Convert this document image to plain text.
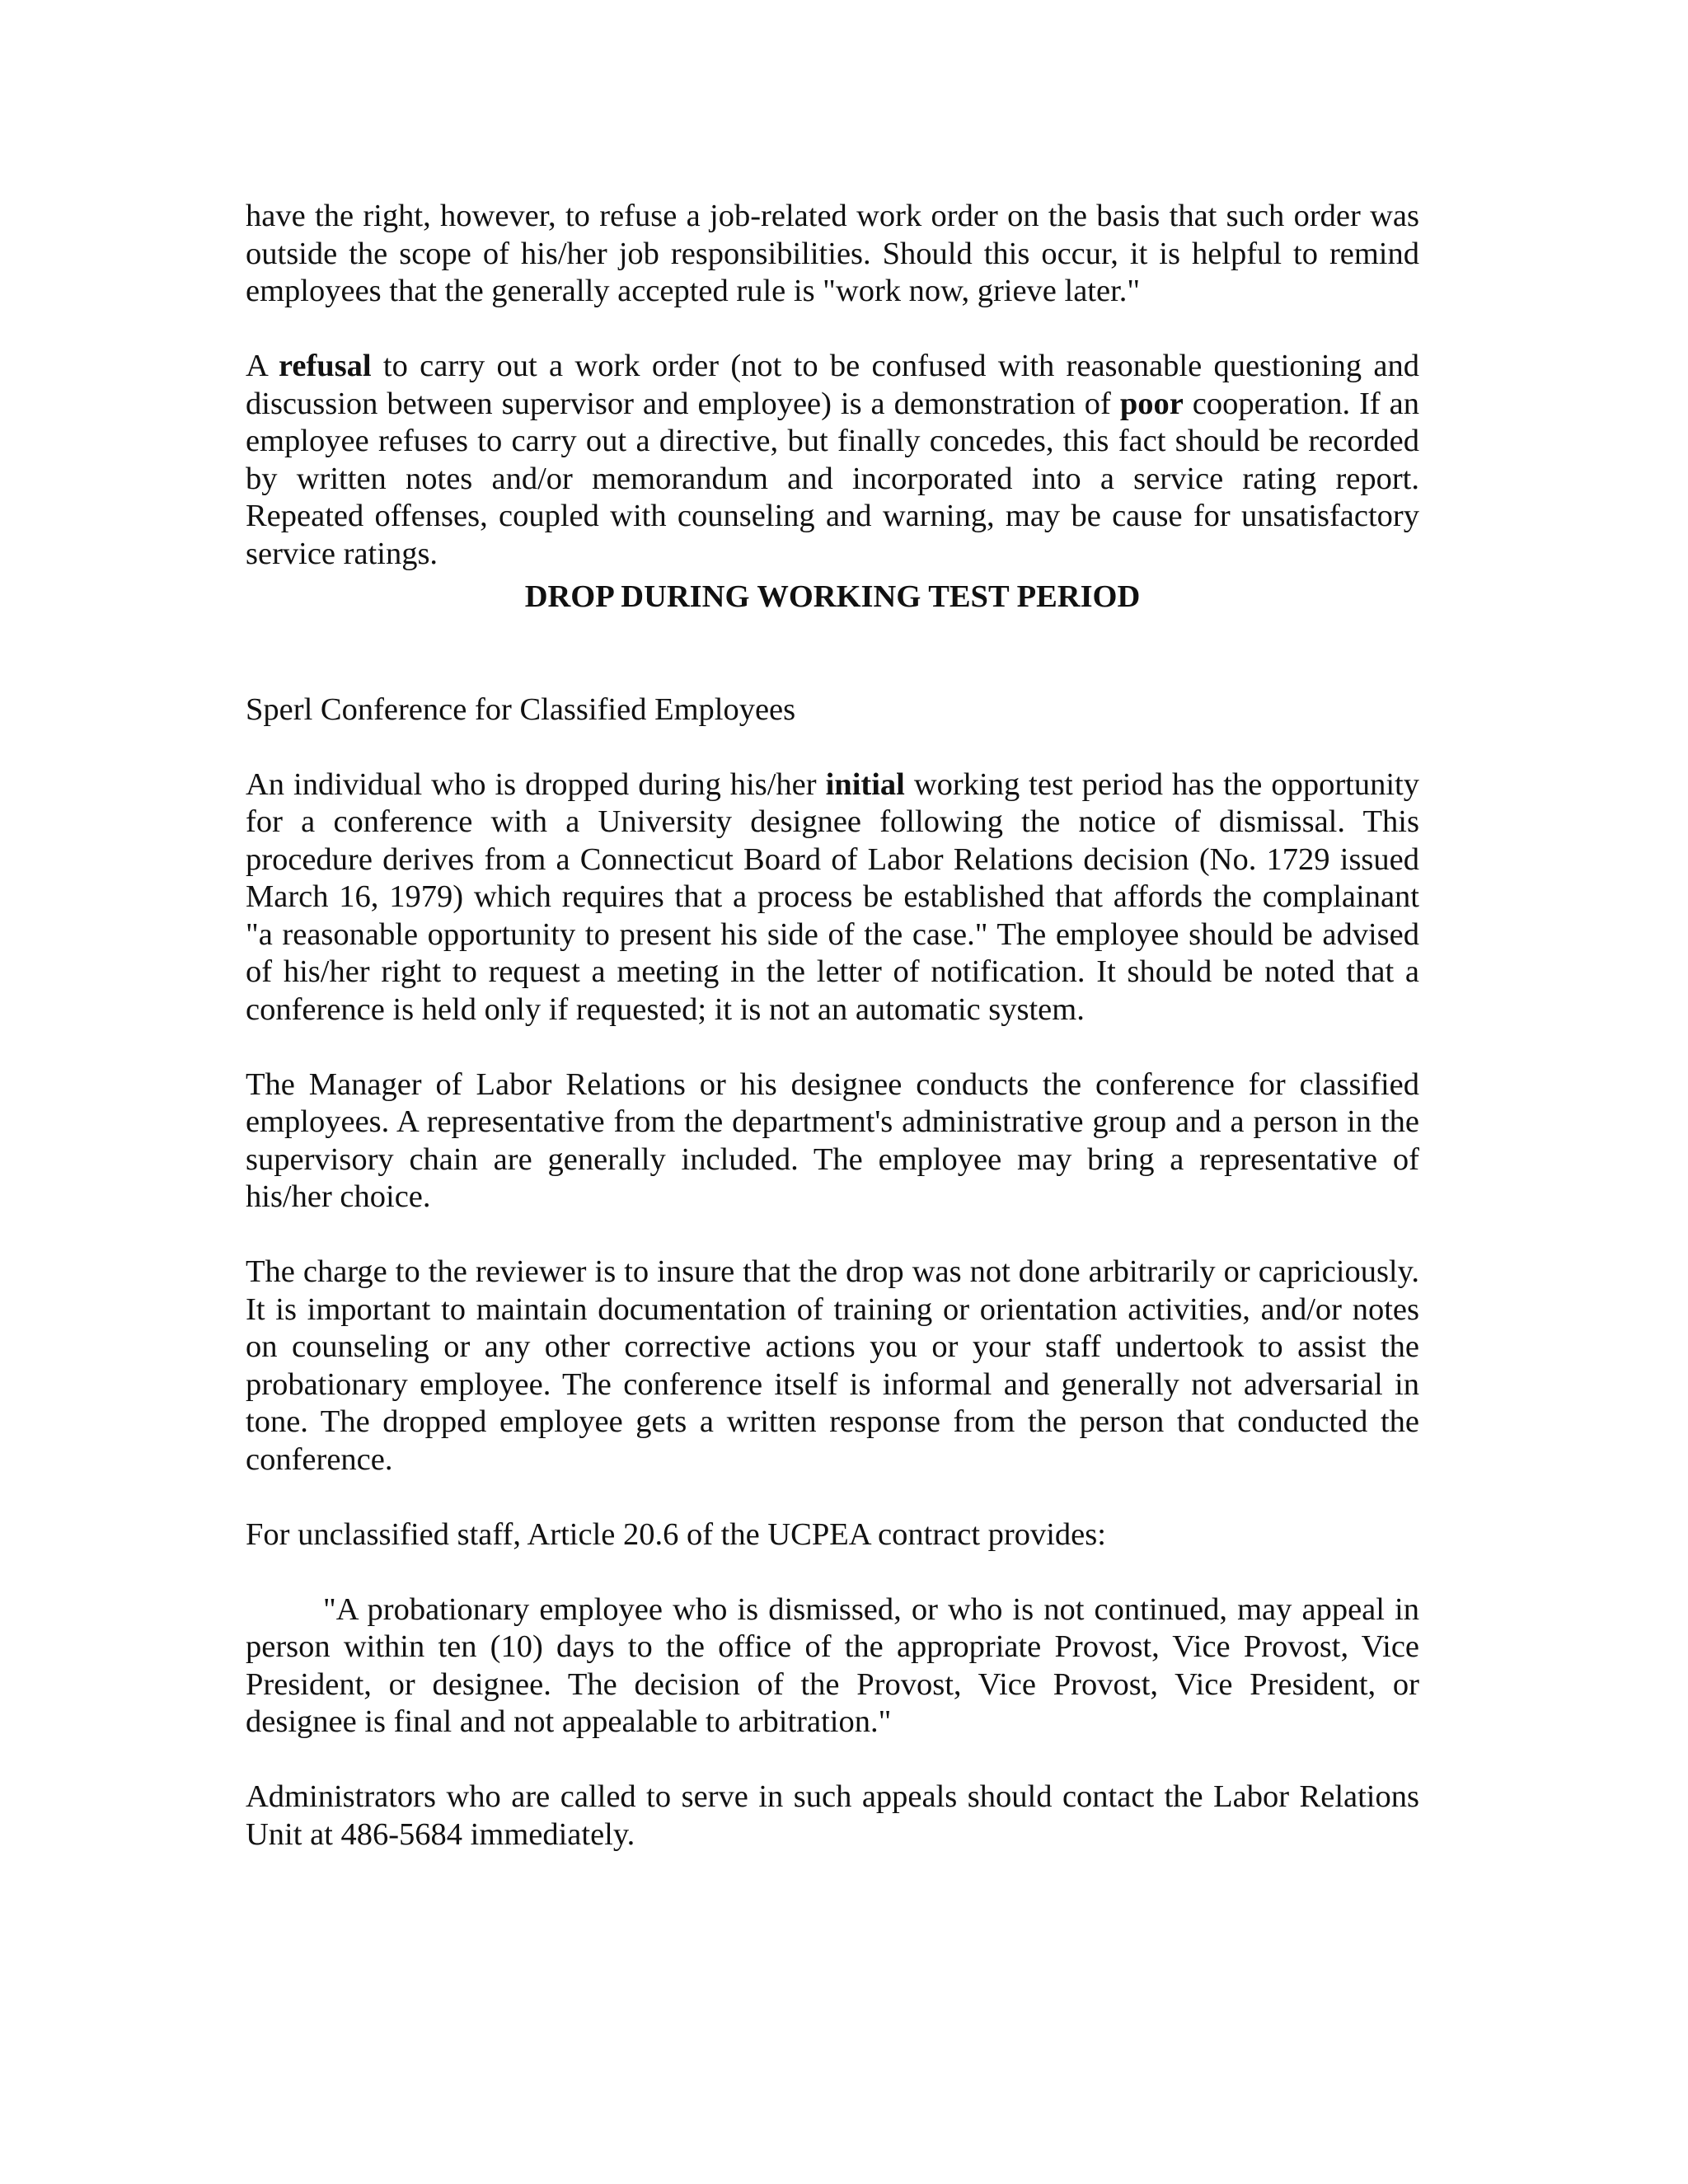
have the right, however, to refuse a job-related work order on the basis that such order was outside the scope of his/her job responsibilities. Should this occur, it is helpful to remind employees that the generally accepted rule is "work now, grieve later."

A refusal to carry out a work order (not to be confused with reasonable questioning and discussion between supervisor and employee) is a demonstration of poor cooperation. If an employee refuses to carry out a directive, but finally concedes, this fact should be recorded by written notes and/or memorandum and incorporated into a service rating report. Repeated offenses, coupled with counseling and warning, may be cause for unsatisfactory service ratings.

DROP DURING WORKING TEST PERIOD

Sperl Conference for Classified Employees

An individual who is dropped during his/her initial working test period has the opportunity for a conference with a University designee following the notice of dismissal. This procedure derives from a Connecticut Board of Labor Relations decision (No. 1729 issued March 16, 1979) which requires that a process be established that affords the complainant "a reasonable opportunity to present his side of the case." The employee should be advised of his/her right to request a meeting in the letter of notification. It should be noted that a conference is held only if requested; it is not an automatic system.

The Manager of Labor Relations or his designee conducts the conference for classified employees. A representative from the department's administrative group and a person in the supervisory chain are generally included. The employee may bring a representative of his/her choice.

The charge to the reviewer is to insure that the drop was not done arbitrarily or capriciously. It is important to maintain documentation of training or orientation activities, and/or notes on counseling or any other corrective actions you or your staff undertook to assist the probationary employee. The conference itself is informal and generally not adversarial in tone. The dropped employee gets a written response from the person that conducted the conference.

For unclassified staff, Article 20.6 of the UCPEA contract provides:

"A probationary employee who is dismissed, or who is not continued, may appeal in person within ten (10) days to the office of the appropriate Provost, Vice Provost, Vice President, or designee. The decision of the Provost, Vice Provost, Vice President, or designee is final and not appealable to arbitration."

Administrators who are called to serve in such appeals should contact the Labor Relations Unit at 486-5684 immediately.
